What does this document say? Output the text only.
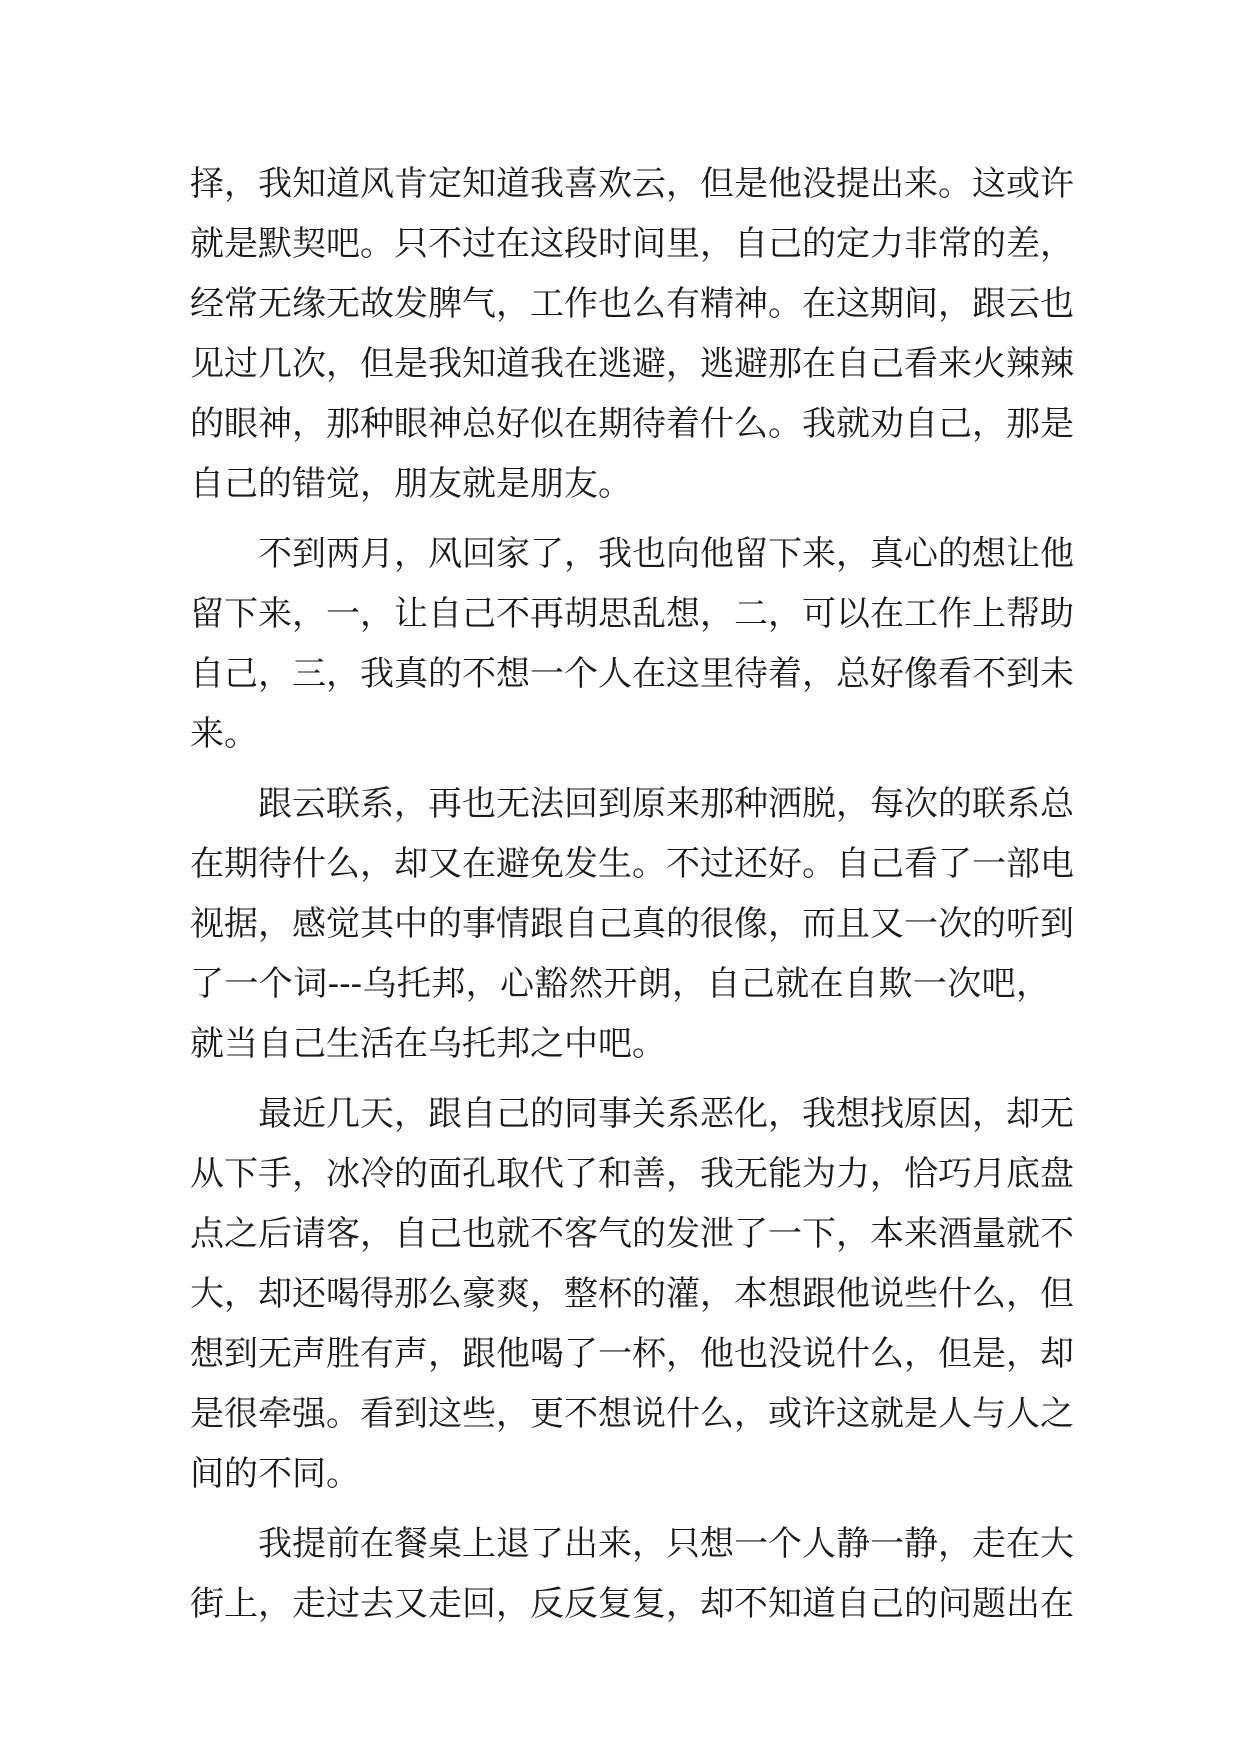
择，我知道风肯定知道我喜欢云，但是他没提出来。这或许
就是默契吧。只不过在这段时间里，自己的定力非常的差，
经常无缘无故发脾气，工作也么有精神。在这期间，跟云也
见过几次，但是我知道我在逃避，逃避那在自己看来火辣辣
的眼神，那种眼神总好似在期待着什么。我就劝自己，那是
自己的错觉，朋友就是朋友。

不到两月，风回家了，我也向他留下来，真心的想让他
留下来，一，让自己不再胡思乱想，二，可以在工作上帮助
自己，三，我真的不想一个人在这里待着，总好像看不到未
来。

跟云联系，再也无法回到原来那种洒脱，每次的联系总
在期待什么，却又在避免发生。不过还好。自己看了一部电
视据，感觉其中的事情跟自己真的很像，而且又一次的听到
了一个词---乌托邦，心豁然开朗，自己就在自欺一次吧，
就当自己生活在乌托邦之中吧。

最近几天，跟自己的同事关系恶化，我想找原因，却无
从下手，冰冷的面孔取代了和善，我无能为力，恰巧月底盘
点之后请客，自己也就不客气的发泄了一下，本来酒量就不
大，却还喝得那么豪爽，整杯的灌，本想跟他说些什么，但
想到无声胜有声，跟他喝了一杯，他也没说什么，但是，却
是很牵强。看到这些，更不想说什么，或许这就是人与人之
间的不同。

我提前在餐桌上退了出来，只想一个人静一静，走在大
街上，走过去又走回，反反复复，却不知道自己的问题出在
